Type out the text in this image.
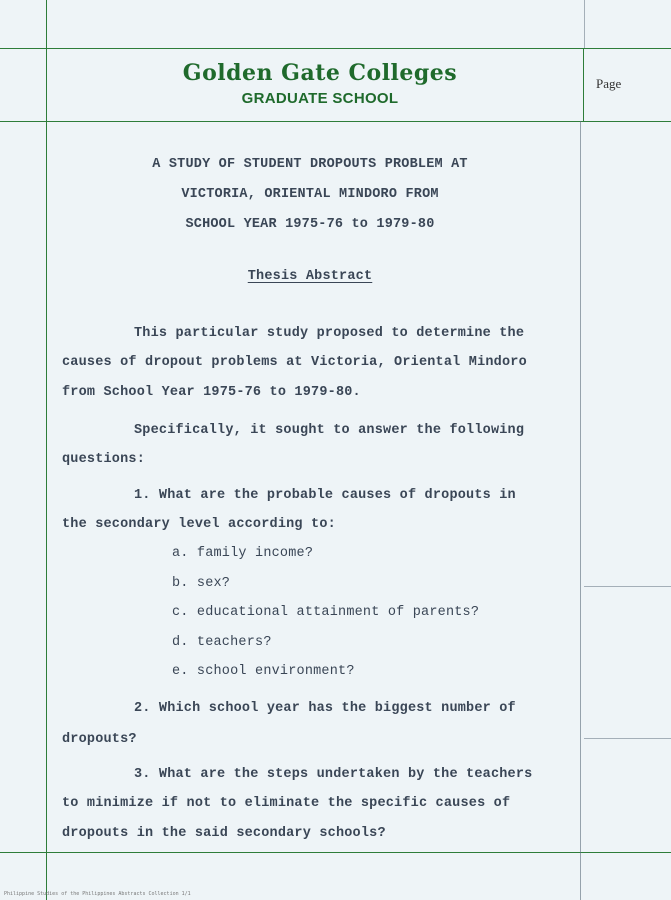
Golden Gate Colleges
GRADUATE SCHOOL
Page
A STUDY OF STUDENT DROPOUTS PROBLEM AT
VICTORIA, ORIENTAL MINDORO FROM
SCHOOL YEAR 1975-76 to 1979-80
Thesis Abstract
This particular study proposed to determine the
causes of dropout problems at Victoria, Oriental Mindoro
from School Year 1975-76 to 1979-80.
Specifically, it sought to answer the following
questions:
1. What are the probable causes of dropouts in
the secondary level according to:
a. family income?
b. sex?
c. educational attainment of parents?
d. teachers?
e. school environment?
2. Which school year has the biggest number of
dropouts?
3. What are the steps undertaken by the teachers
to minimize if not to eliminate the specific causes of
dropouts in the said secondary schools?
Philippine Studies of the Philippines Abstracts Collection 1/1
